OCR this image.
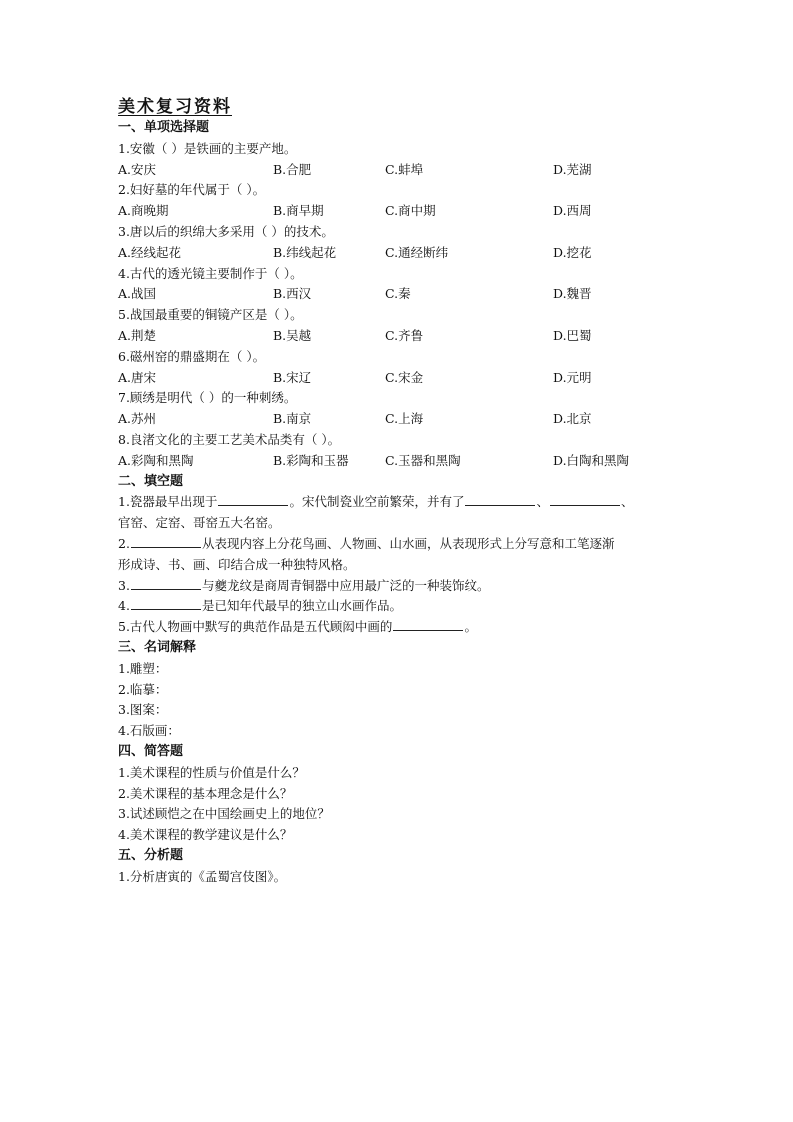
美术复习资料
一、单项选择题
1.安徽（ ）是铁画的主要产地。
A.安庆	B.合肥	C.蚌埠	D.芜湖
2.妇好墓的年代属于（ ）。
A.商晚期	B.商早期	C.商中期	D.西周
3.唐以后的织绵大多采用（ ）的技术。
A.经线起花	B.纬线起花	C.通经断纬	D.挖花
4.古代的透光镜主要制作于（ ）。
A.战国	B.西汉	C.秦	D.魏晋
5.战国最重要的铜镜产区是（ ）。
A.荆楚	B.吴越	C.齐鲁	D.巴蜀
6.磁州窑的鼎盛期在（ ）。
A.唐宋	B.宋辽	C.宋金	D.元明
7.顾绣是明代（ ）的一种刺绣。
A.苏州	B.南京	C.上海	D.北京
8.良渚文化的主要工艺美术品类有（ ）。
A.彩陶和黑陶	B.彩陶和玉器	C.玉器和黑陶	D.白陶和黑陶
二、填空题
1.瓷器最早出现于	。宋代制瓷业空前繁荣，并有了	、	、
官窑、定窑、哥窑五大名窑。
2.	从表现内容上分花鸟画、人物画、山水画，从表现形式上分写意和工笔逐渐
形成诗、书、画、印结合成一种独特风格。
3.	与夔龙纹是商周青铜器中应用最广泛的一种装饰纹。
4.	是已知年代最早的独立山水画作品。
5.古代人物画中默写的典范作品是五代顾闳中画的	。
三、名词解释
1.雕塑：
2.临摹：
3.图案：
4.石版画：
四、简答题
1.美术课程的性质与价值是什么？
2.美术课程的基本理念是什么？
3.试述顾恺之在中国绘画史上的地位？
4.美术课程的教学建议是什么？
五、分析题
1.分析唐寅的《孟蜀宫伎图》。
